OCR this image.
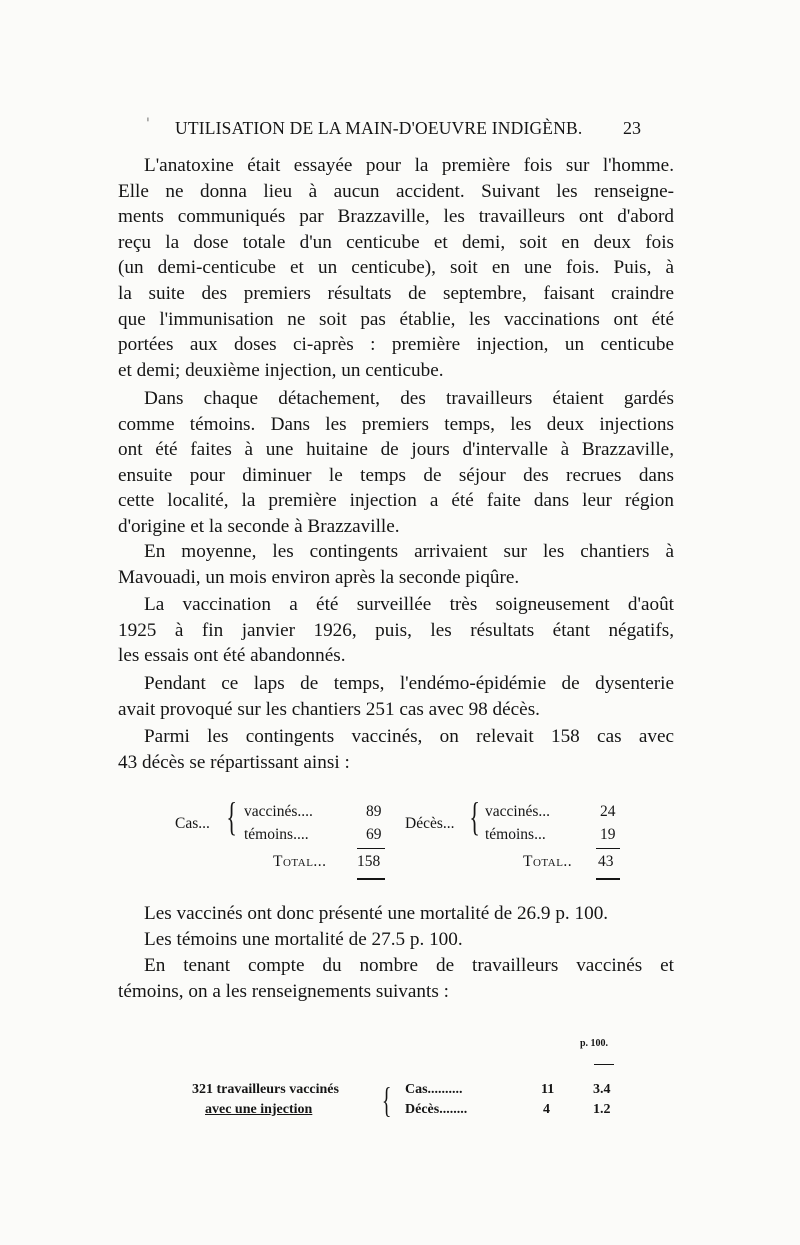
' UTILISATION DE LA MAIN-D'OEUVRE INDIGÈNB.	23
L'anatoxine était essayée pour la première fois sur l'homme.
Elle ne donna lieu à aucun accident. Suivant les renseigne-
ments communiqués par Brazzaville, les travailleurs ont d'abord
reçu la dose totale d'un centicube et demi, soit en deux fois
(un demi-centicube et un centicube), soit en une fois. Puis, à
la suite des premiers résultats de septembre, faisant craindre
que l'immunisation ne soit pas établie, les vaccinations ont été
portées aux doses ci-après : première injection, un centicube
et demi; deuxième injection, un centicube.
Dans chaque détachement, des travailleurs étaient gardés
comme témoins. Dans les premiers temps, les deux injections
ont été faites à une huitaine de jours d'intervalle à Brazzaville,
ensuite pour diminuer le temps de séjour des recrues dans
cette localité, la première injection a été faite dans leur région
d'origine et la seconde à Brazzaville.
En moyenne, les contingents arrivaient sur les chantiers à
Mavouadi, un mois environ après la seconde piqûre.
La vaccination a été surveillée très soigneusement d'août
1925 à fin janvier 1926, puis, les résultats étant négatifs,
les essais ont été abandonnés.
Pendant ce laps de temps, l'endémo-épidémie de dysenterie
avait provoqué sur les chantiers 251 cas avec 98 décès.
Parmi les contingents vaccinés, on relevait 158 cas avec
43 décès se répartissant ainsi :
Cas... { vaccinés....	89
témoins....	69
Total... 158
Décès... { vaccinés...	24
témoins...	19
Total.. 43
Les vaccinés ont donc présenté une mortalité de 26.9 p. 100.
Les témoins une mortalité de 27.5 p. 100.
En tenant compte du nombre de travailleurs vaccinés et
témoins, on a les renseignements suivants :
p. 100.
321 travailleurs vaccinés
avec une injection { Cas..........	11	3.4
Décès........	4	1.2
